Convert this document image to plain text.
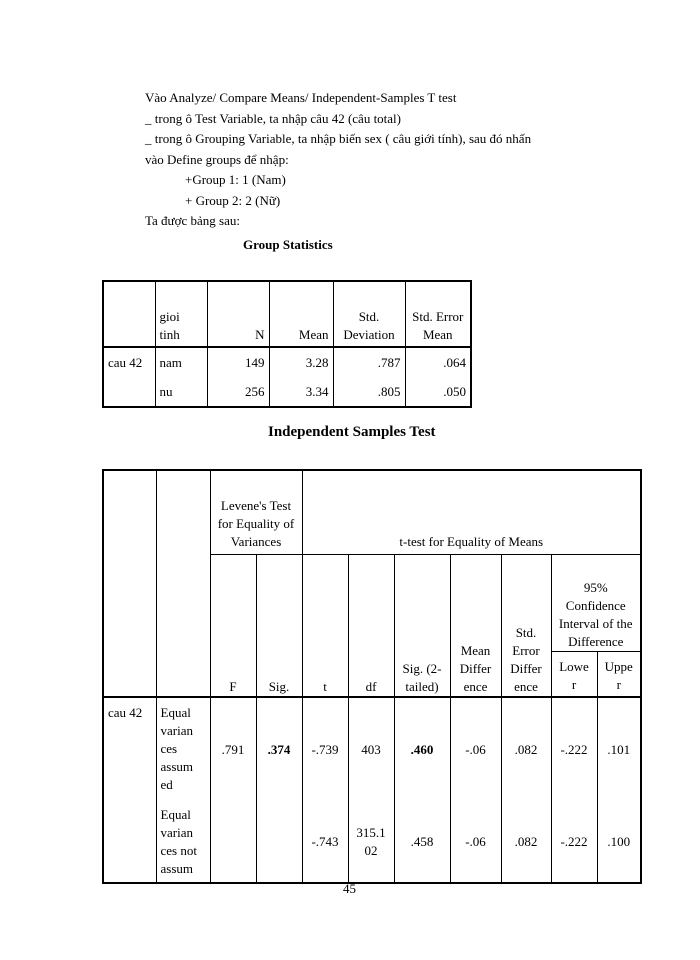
Vào Analyze/ Compare Means/ Independent-Samples T test
_ trong ô Test Variable, ta nhập câu 42 (câu total)
_ trong ô Grouping Variable, ta nhập biến sex ( câu giới tính), sau đó nhấn
vào Define groups để nhập:
+Group 1: 1 (Nam)
+ Group 2: 2 (Nữ)
Ta được bảng sau:
Group Statistics
	gioi tinh	N	Mean	Std. Deviation	Std. Error Mean
cau 42	nam	149	3.28	.787	.064
	nu	256	3.34	.805	.050
Independent Samples Test
		Levene's Test for Equality of Variances		t-test for Equality of Means						
		F	Sig.	t	df	Sig. (2-tailed)	Mean Differ ence	Std. Error Differ ence	95% Confidence Interval of the Difference	
									Lowe r	Uppe r
cau 42	Equal varian ces assum ed	.791	.374	-.739	403	.460	-.06	.082	-.222	.101
	Equal varian ces not assum			-.743	315.1 02	.458	-.06	.082	-.222	.100
45
